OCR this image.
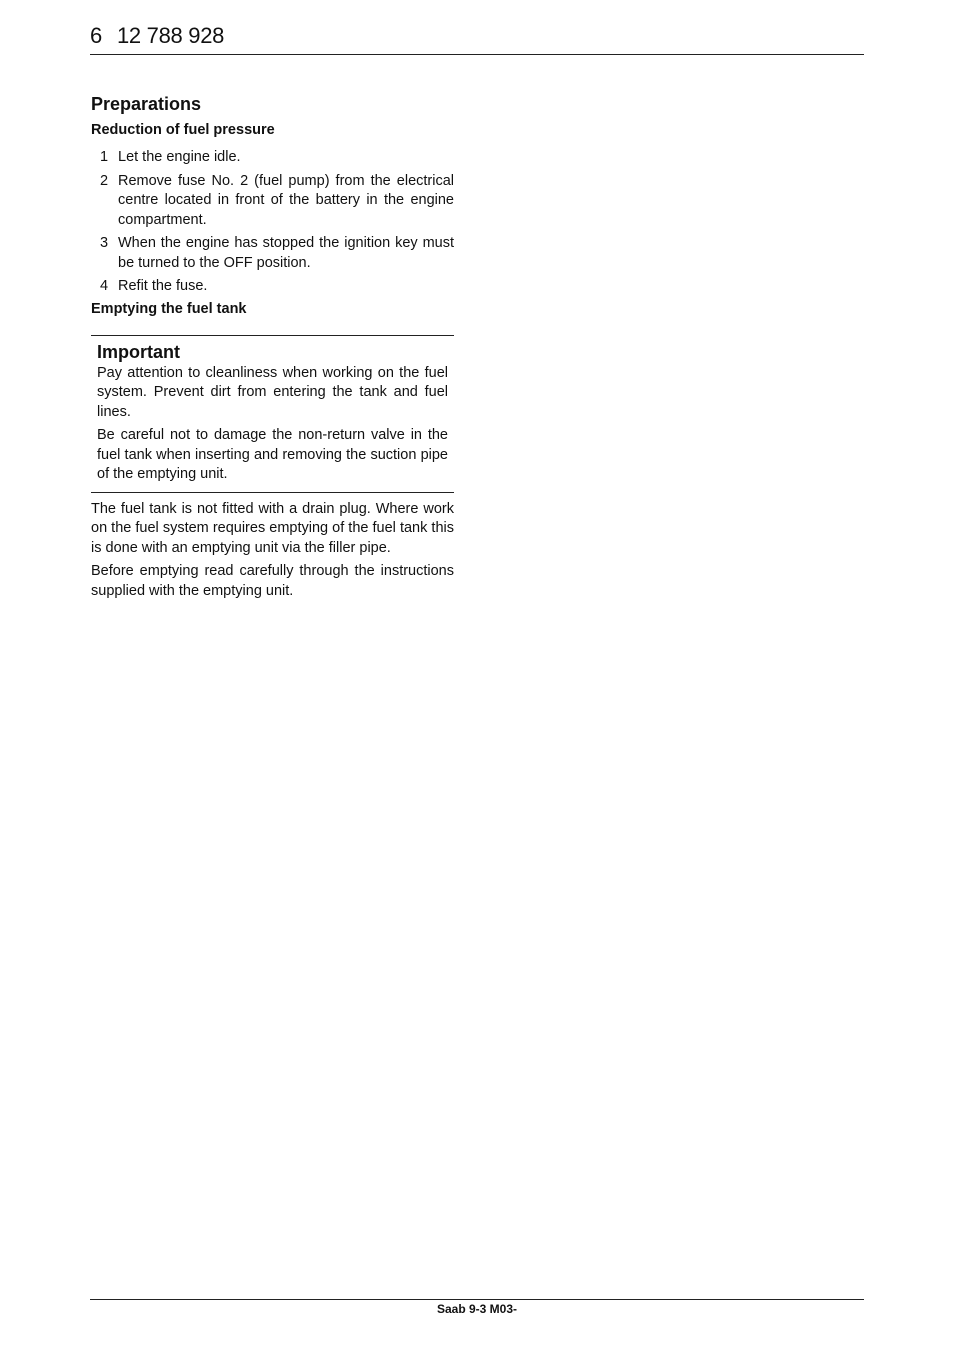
6 12 788 928
Preparations
Reduction of fuel pressure
1 Let the engine idle.
2 Remove fuse No. 2 (fuel pump) from the electrical centre located in front of the battery in the engine compartment.
3 When the engine has stopped the ignition key must be turned to the OFF position.
4 Refit the fuse.
Emptying the fuel tank
Important

Pay attention to cleanliness when working on the fuel system. Prevent dirt from entering the tank and fuel lines.

Be careful not to damage the non-return valve in the fuel tank when inserting and removing the suction pipe of the emptying unit.

The fuel tank is not fitted with a drain plug. Where work on the fuel system requires emptying of the fuel tank this is done with an emptying unit via the filler pipe.

Before emptying read carefully through the instructions supplied with the emptying unit.

Saab 9-3 M03-
